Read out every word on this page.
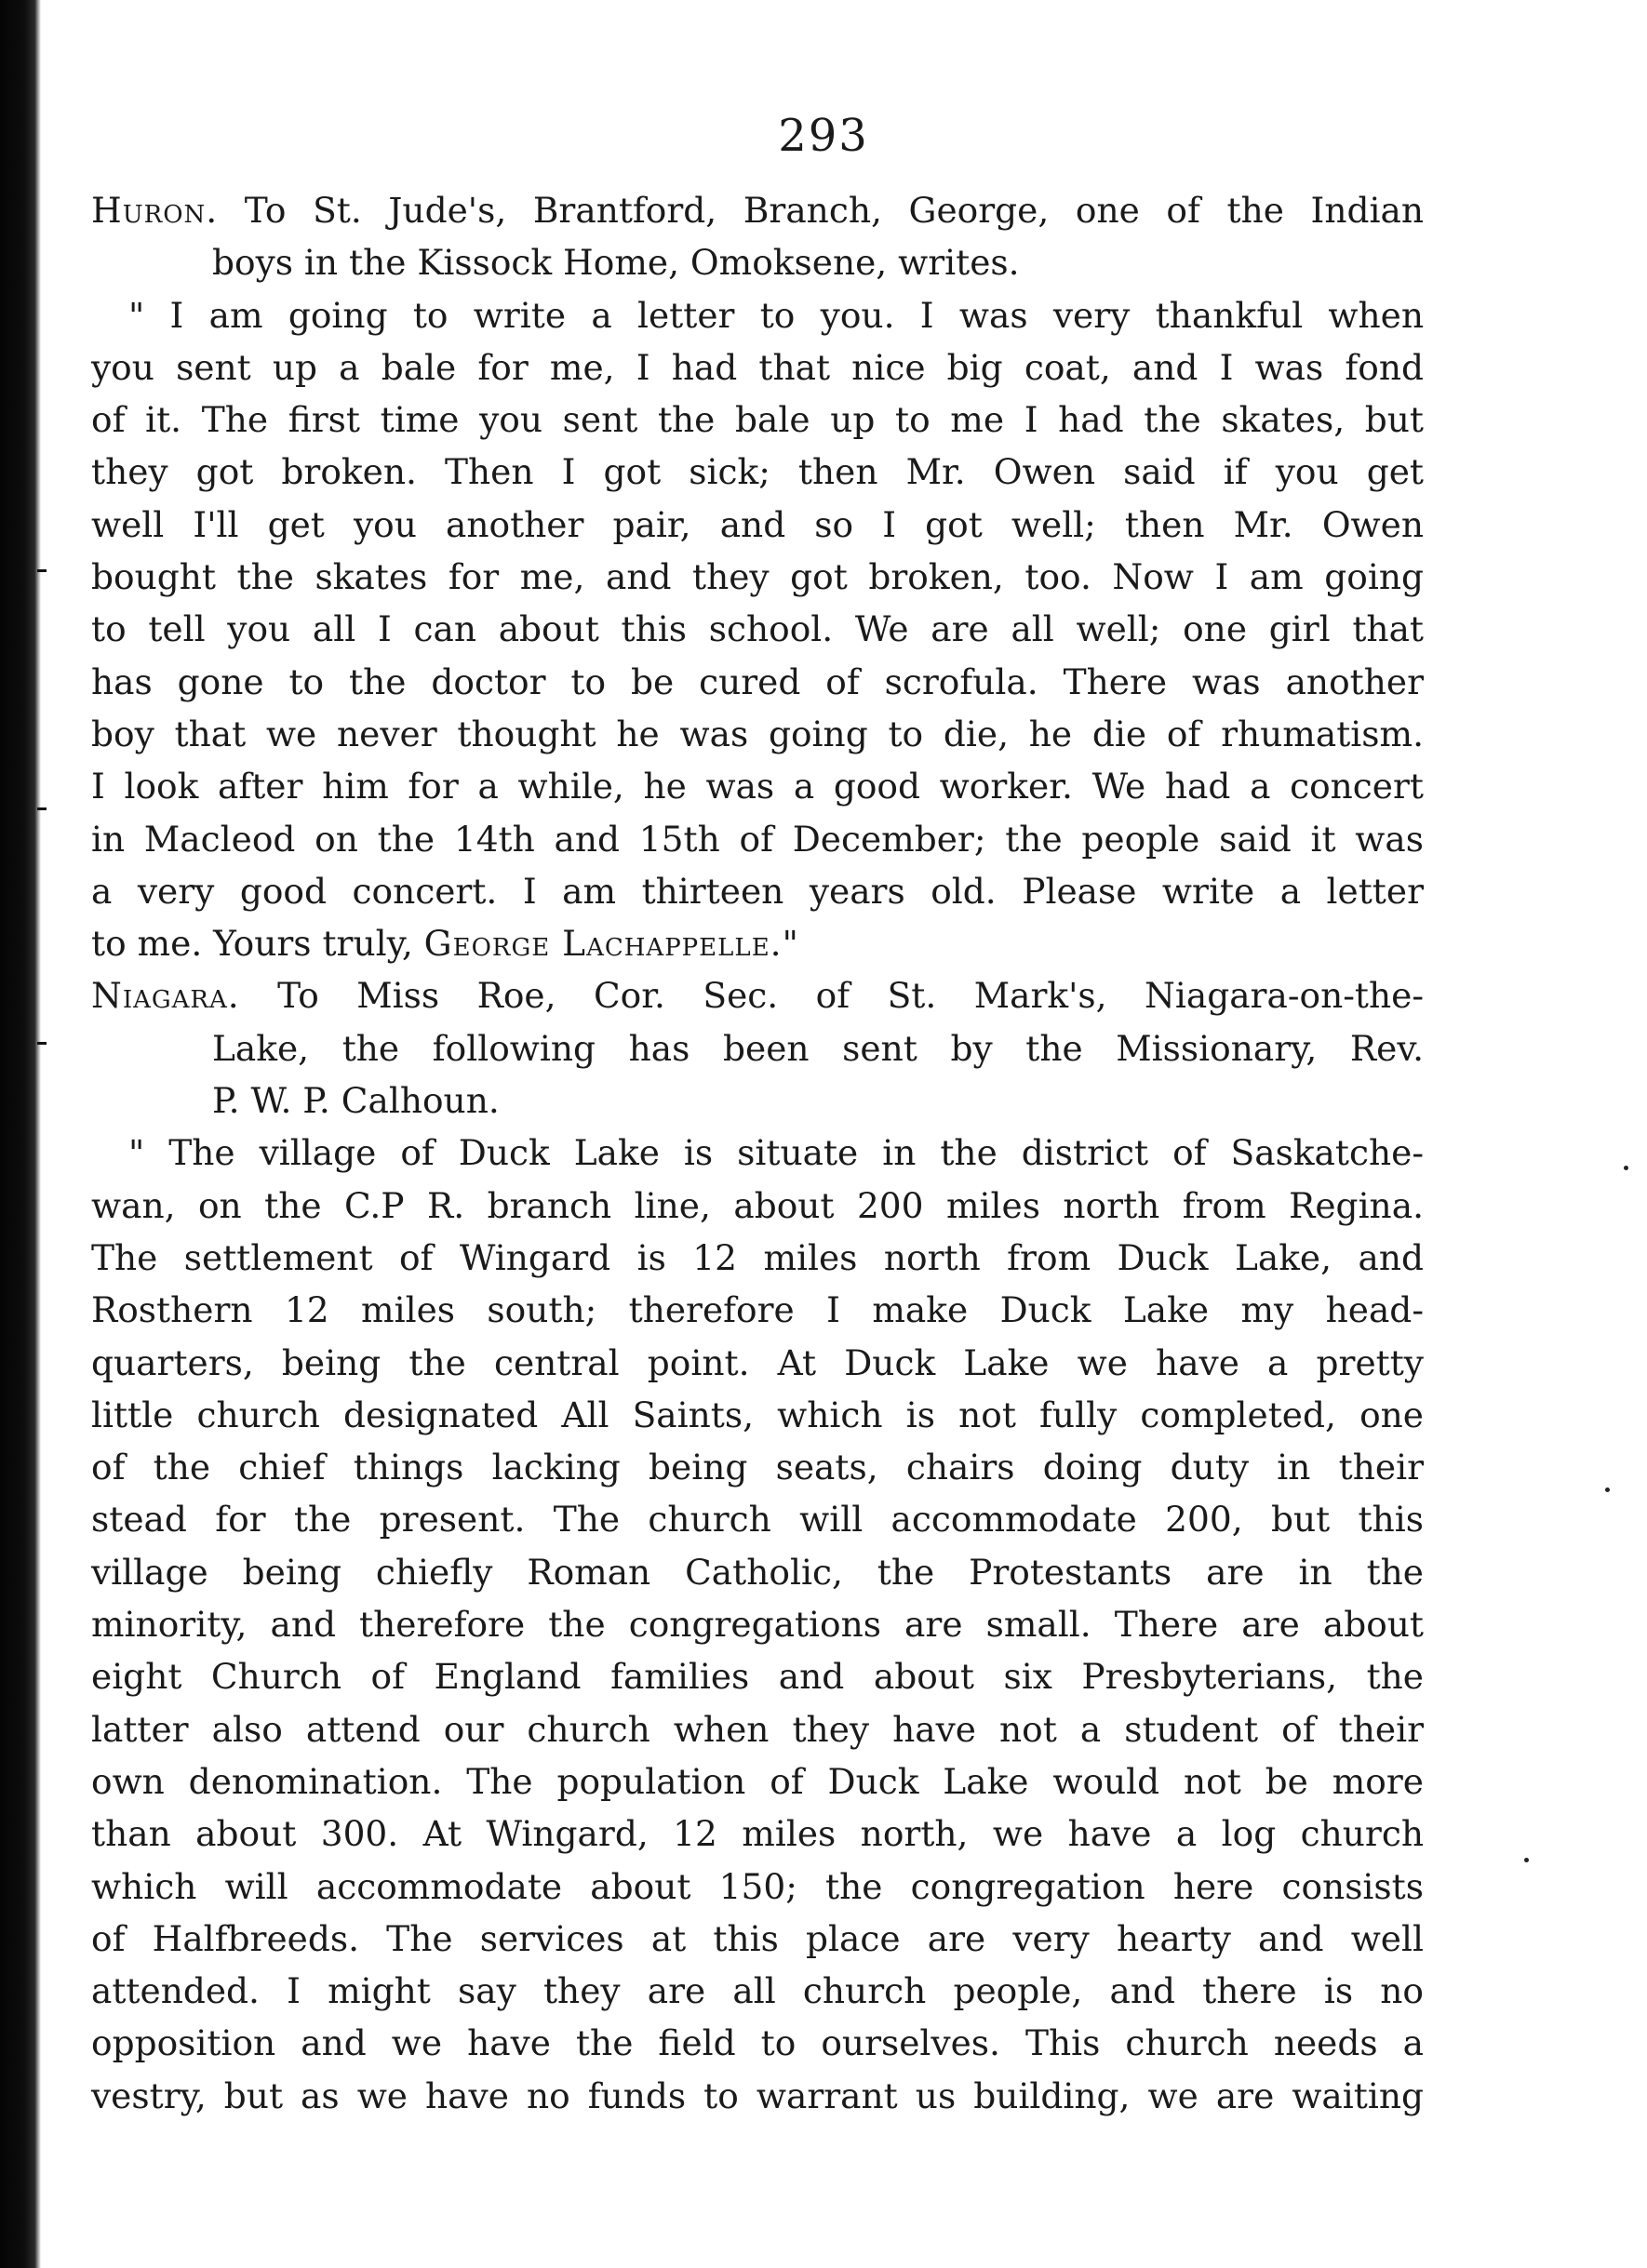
293
Huron. To St. Jude's, Brantford, Branch, George, one of the Indian
boys in the Kissock Home, Omoksene, writes.
" I am going to write a letter to you. I was very thankful when
you sent up a bale for me, I had that nice big coat, and I was fond
of it. The first time you sent the bale up to me I had the skates, but
they got broken. Then I got sick; then Mr. Owen said if you get
well I'll get you another pair, and so I got well; then Mr. Owen
bought the skates for me, and they got broken, too. Now I am going
to tell you all I can about this school. We are all well; one girl that
has gone to the doctor to be cured of scrofula. There was another
boy that we never thought he was going to die, he die of rhumatism.
I look after him for a while, he was a good worker. We had a concert
in Macleod on the 14th and 15th of December; the people said it was
a very good concert. I am thirteen years old. Please write a letter
to me. Yours truly, George Lachappelle."
Niagara. To Miss Roe, Cor. Sec. of St. Mark's, Niagara-on-the-
Lake, the following has been sent by the Missionary, Rev.
P. W. P. Calhoun.
" The village of Duck Lake is situate in the district of Saskatche-
wan, on the C.P R. branch line, about 200 miles north from Regina.
The settlement of Wingard is 12 miles north from Duck Lake, and
Rosthern 12 miles south; therefore I make Duck Lake my head-
quarters, being the central point. At Duck Lake we have a pretty
little church designated All Saints, which is not fully completed, one
of the chief things lacking being seats, chairs doing duty in their
stead for the present. The church will accommodate 200, but this
village being chiefly Roman Catholic, the Protestants are in the
minority, and therefore the congregations are small. There are about
eight Church of England families and about six Presbyterians, the
latter also attend our church when they have not a student of their
own denomination. The population of Duck Lake would not be more
than about 300. At Wingard, 12 miles north, we have a log church
which will accommodate about 150; the congregation here consists
of Halfbreeds. The services at this place are very hearty and well
attended. I might say they are all church people, and there is no
opposition and we have the field to ourselves. This church needs a
vestry, but as we have no funds to warrant us building, we are waiting
